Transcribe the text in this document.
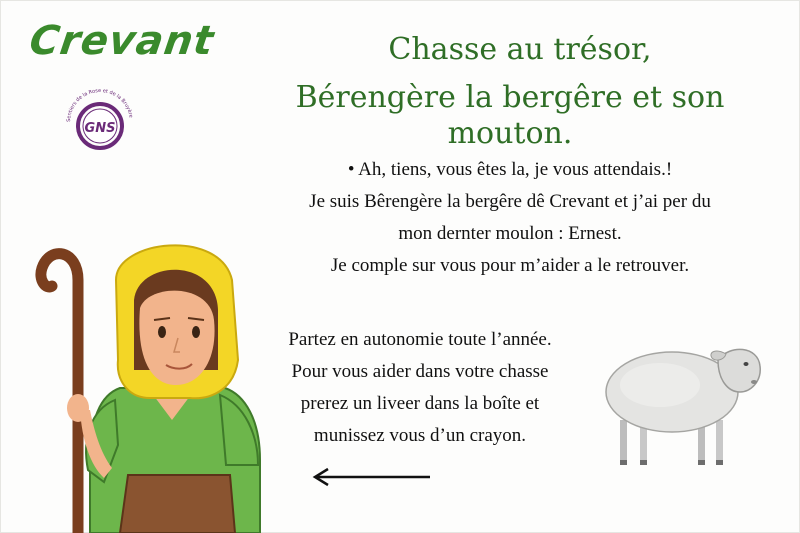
Crevant
GNS
Sentiers de la Rose et de la Bruyère
Chasse au trésor,
Bérengère la bergêre et son mouton.
• Ah, tiens, vous êtes la, je vous attendais.!
Je suis Bêrengère la bergêre dê Crevant et j’ai per du
mon dernter moulon : Ernest.
Je comple sur vous pour m’aider a le retrouver.
Partez en autonomie toute l’année.
Pour vous aider dans votre chasse
prerez un liveer dans la boîte et
munissez vous d’un crayon.
